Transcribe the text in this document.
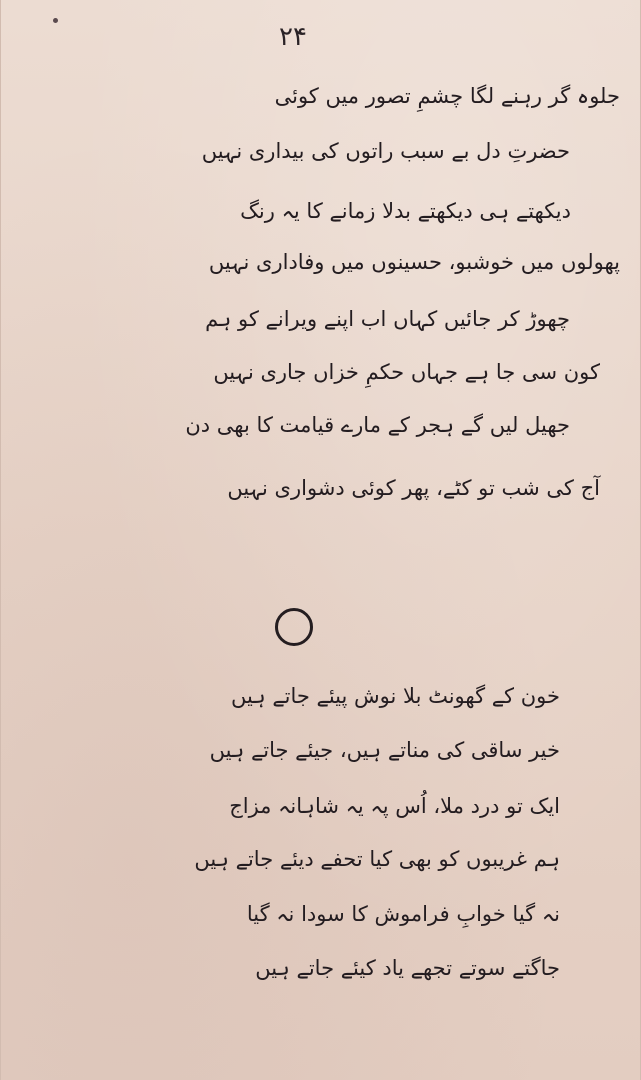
۲۴
جلوہ گر رہنے لگا چشمِ تصور میں کوئی
حضرتِ دل بے سبب راتوں کی بیداری نہیں
دیکھتے ہی دیکھتے بدلا زمانے کا یہ رنگ
پھولوں میں خوشبو، حسینوں میں وفاداری نہیں
چھوڑ کر جائیں کہاں اب اپنے ویرانے کو ہم
کون سی جا ہے جہاں حکمِ خزاں جاری نہیں
جھیل لیں گے ہجر کے مارے قیامت کا بھی دن
آج کی شب تو کٹے، پھر کوئی دشواری نہیں
خون کے گھونٹ بلا نوش پیئے جاتے ہیں
خیر ساقی کی مناتے ہیں، جیئے جاتے ہیں
ایک تو درد ملا، اُس پہ یہ شاہانہ مزاج
ہم غریبوں کو بھی کیا تحفے دیئے جاتے ہیں
نہ گیا خوابِ فراموش کا سودا نہ گیا
جاگتے سوتے تجھے یاد کیئے جاتے ہیں
